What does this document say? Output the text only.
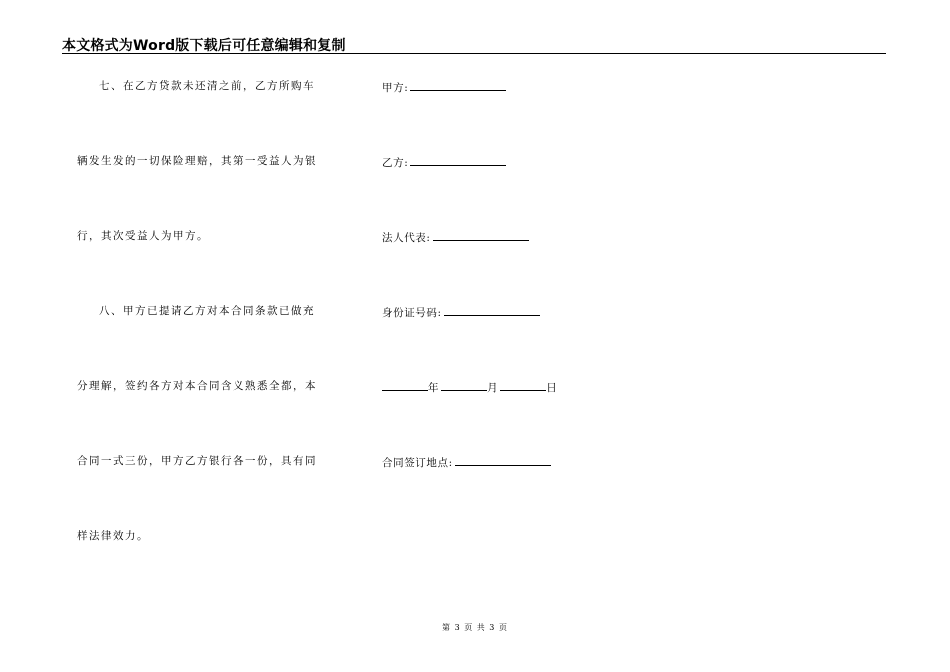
本文格式为Word版下载后可任意编辑和复制
七、在乙方贷款未还清之前，乙方所购车
辆发生发的一切保险理赔，其第一受益人为银
行，其次受益人为甲方。
八、甲方已提请乙方对本合同条款已做充
分理解，签约各方对本合同含义熟悉全都，本
合同一式三份，甲方乙方银行各一份，具有同
样法律效力。
甲方:
乙方:
法人代表:
身份证号码:
年	月	日
合同签订地点:
第 3 页 共 3 页
